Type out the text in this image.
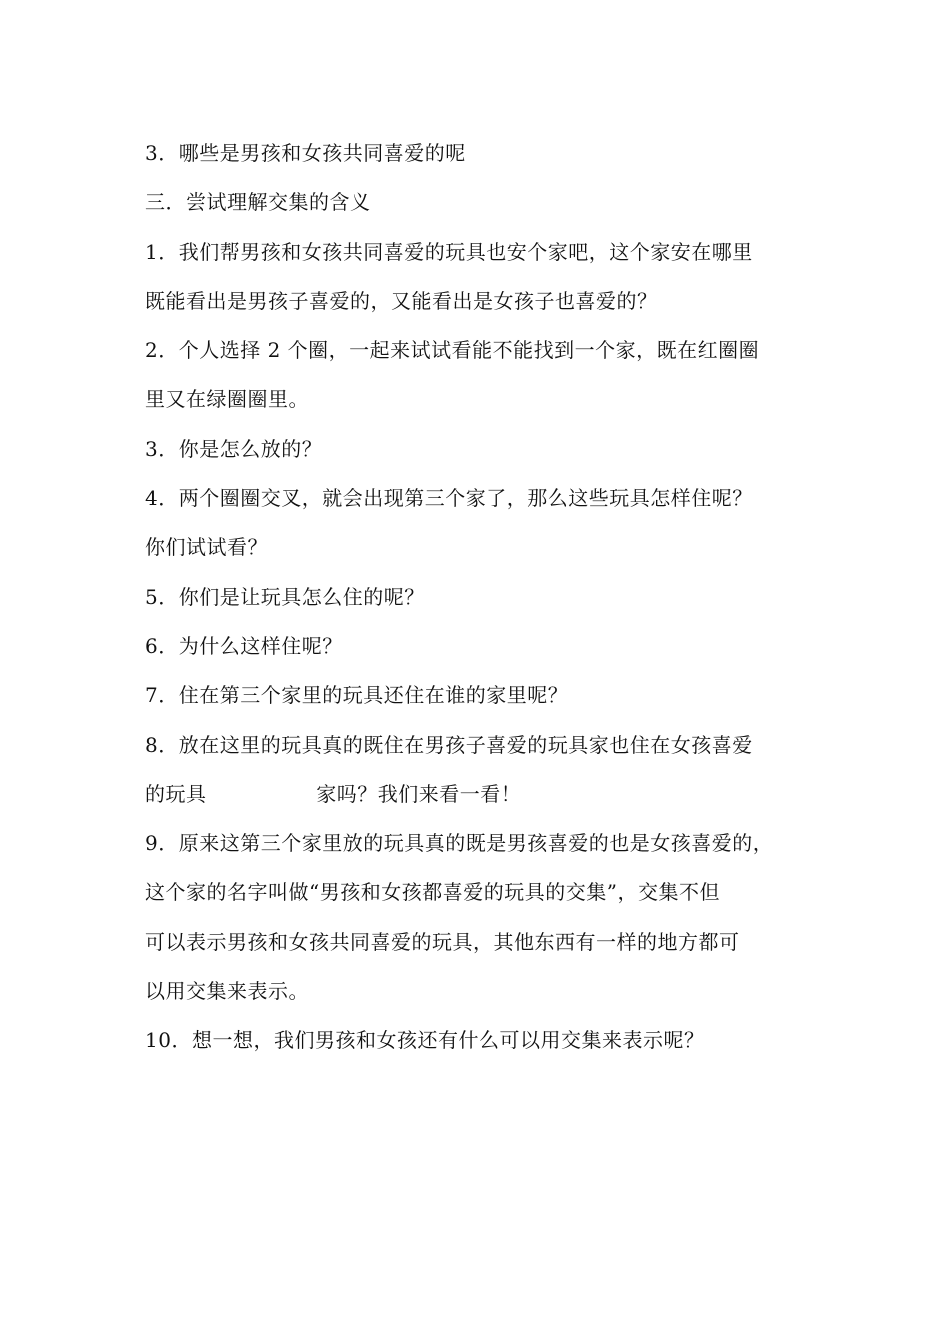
3．哪些是男孩和女孩共同喜爱的呢
三．尝试理解交集的含义
1．我们帮男孩和女孩共同喜爱的玩具也安个家吧，这个家安在哪里
既能看出是男孩子喜爱的，又能看出是女孩子也喜爱的？
2．个人选择 2 个圈，一起来试试看能不能找到一个家，既在红圈圈
里又在绿圈圈里。
3．你是怎么放的？
4．两个圈圈交叉，就会出现第三个家了，那么这些玩具怎样住呢？
你们试试看？
5．你们是让玩具怎么住的呢？
6．为什么这样住呢？
7．住在第三个家里的玩具还住在谁的家里呢？
8．放在这里的玩具真的既住在男孩子喜爱的玩具家也住在女孩喜爱
的玩具                家吗？我们来看一看！
9．原来这第三个家里放的玩具真的既是男孩喜爱的也是女孩喜爱的，
这个家的名字叫做“男孩和女孩都喜爱的玩具的交集”，交集不但
可以表示男孩和女孩共同喜爱的玩具，其他东西有一样的地方都可
以用交集来表示。
10．想一想，我们男孩和女孩还有什么可以用交集来表示呢？
